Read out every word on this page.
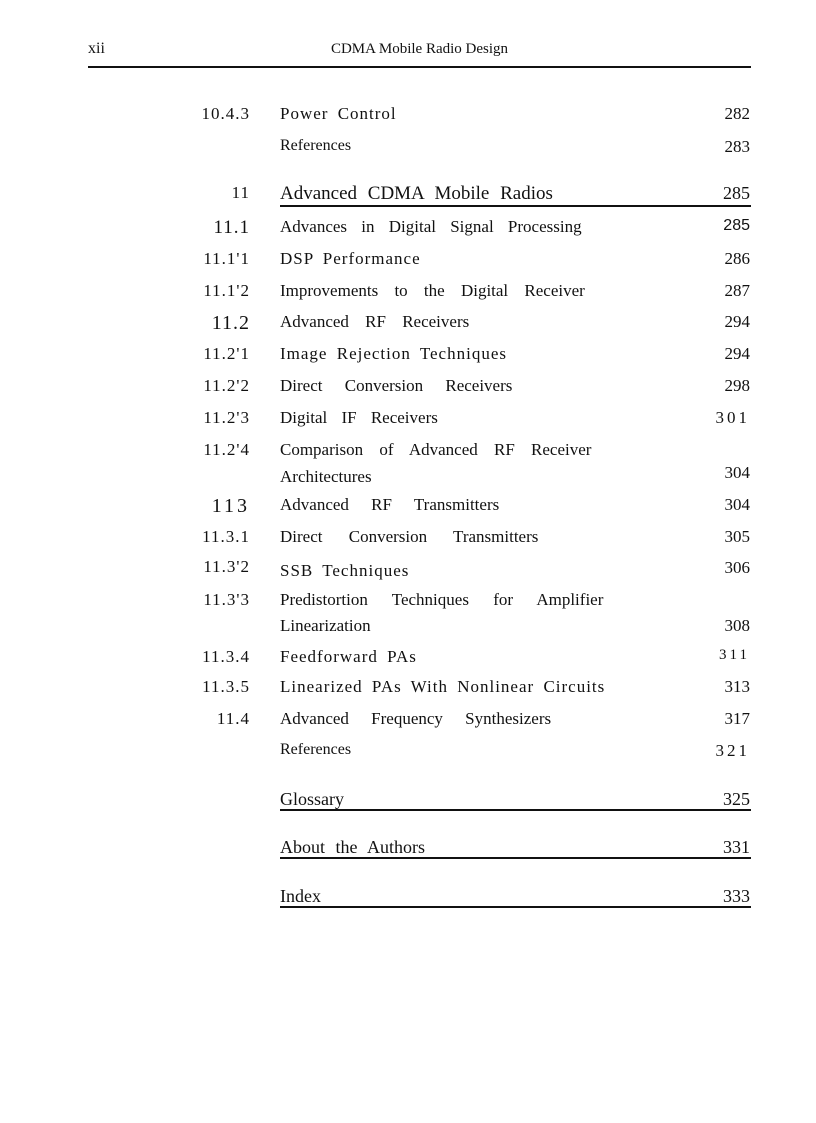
xii	CDMA Mobile Radio Design
10.4.3 Power Control	282
References	283
11 Advanced CDMA Mobile Radios	285
11.1 Advances in Digital Signal Processing	285
11.1'1 DSP Performance	286
11.1'2 Improvements to the Digital Receiver	287
11.2 Advanced RF Receivers	294
11.2'1 Image Rejection Techniques	294
11.2'2 Direct Conversion Receivers	298
11.2'3 Digital IF Receivers	301
11.2'4 Comparison of Advanced RF Receiver
Architectures	304
113 Advanced RF Transmitters	304
11.3.1 Direct Conversion Transmitters	305
11.3'2 SSB Techniques	306
11.3'3 Predistortion Techniques for Amplifier
Linearization	308
11.3.4 Feedforward PAs	311
11.3.5 Linearized PAs With Nonlinear Circuits	313
11.4 Advanced Frequency Synthesizers	317
References	321
Glossary	325
About the Authors	331
Index	333
